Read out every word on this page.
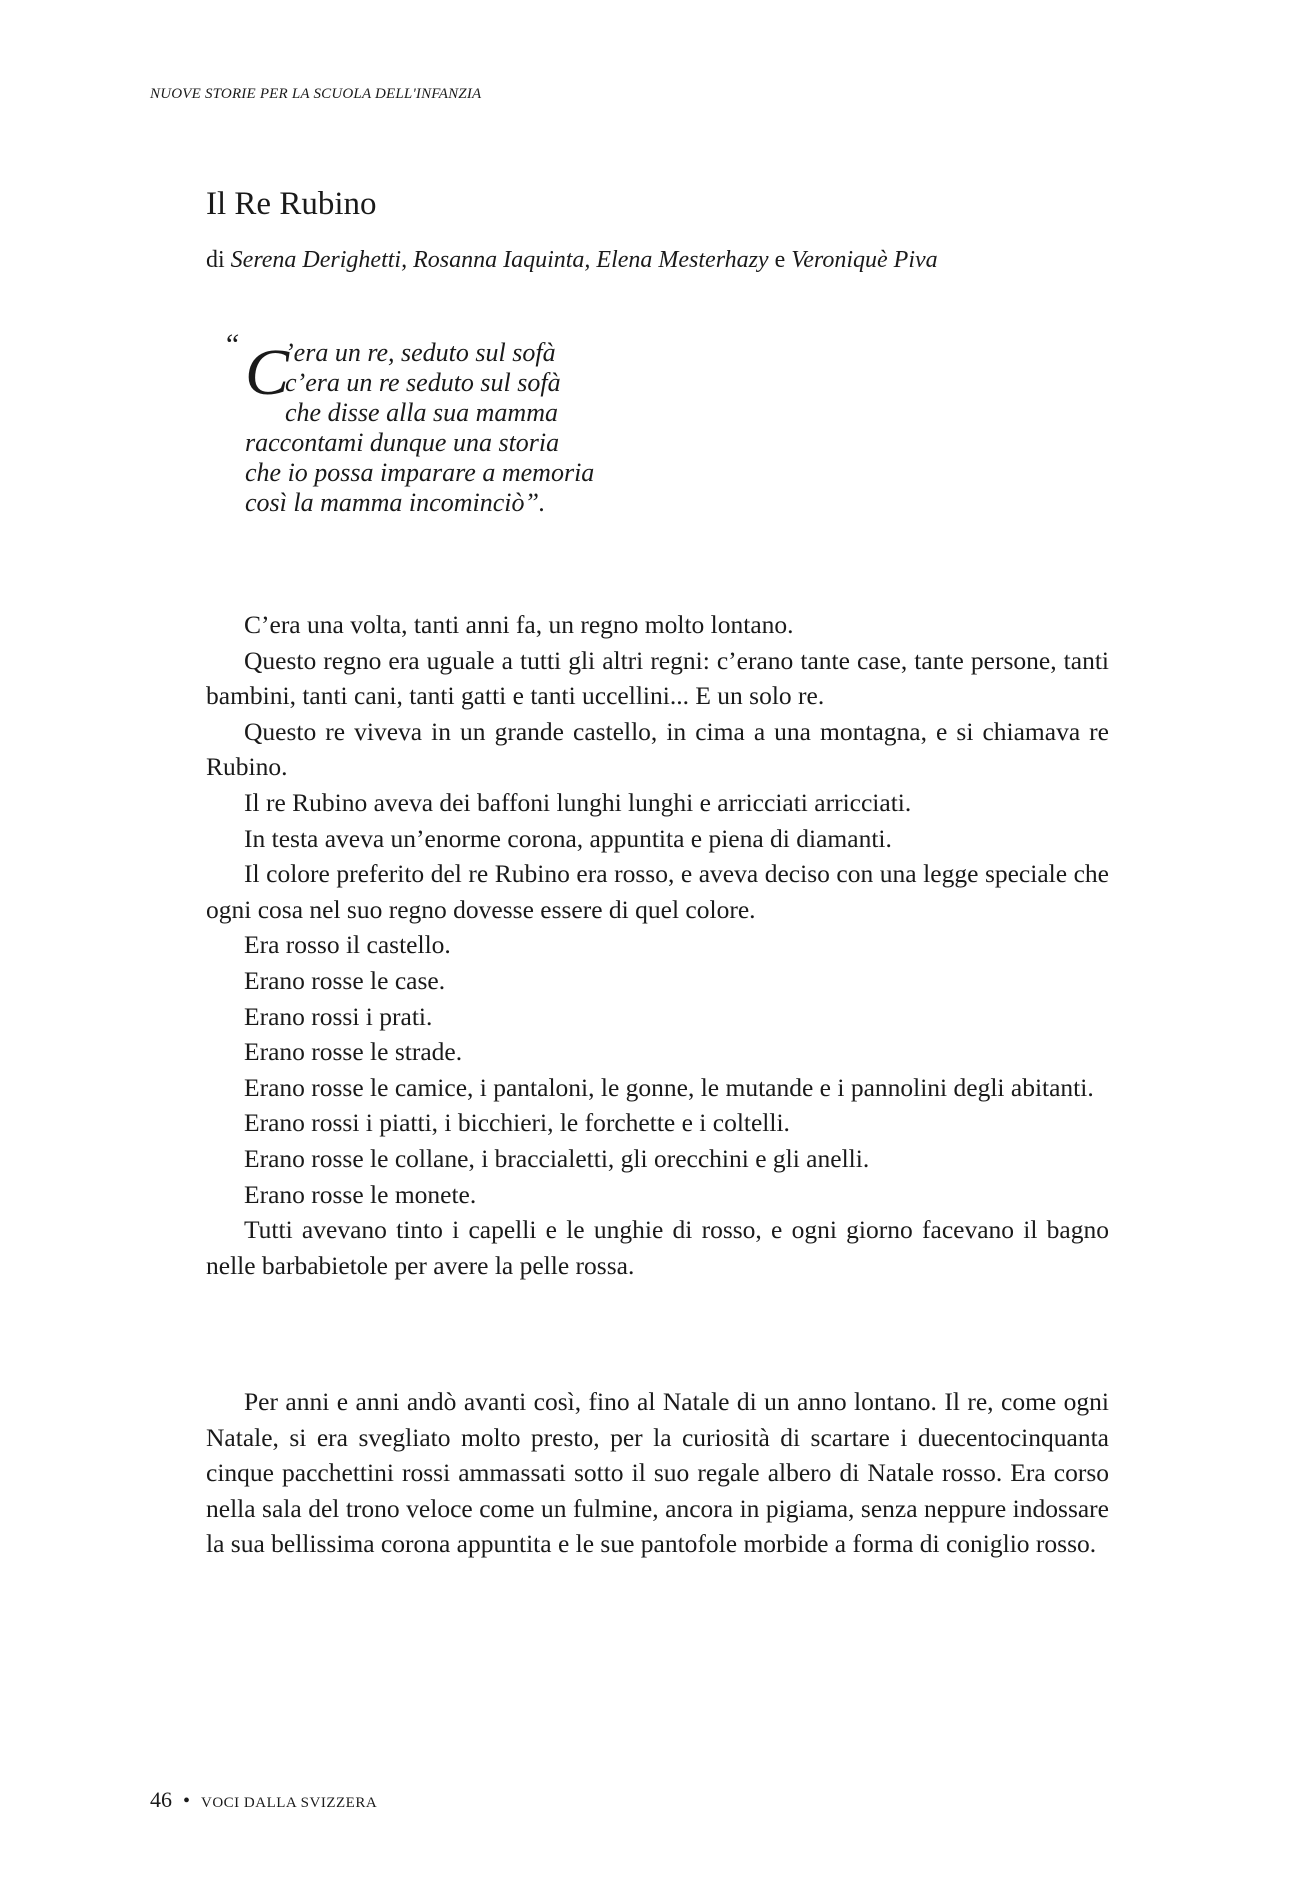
NUOVE STORIE PER LA SCUOLA DELL'INFANZIA
Il Re Rubino
di Serena Derighetti, Rosanna Iaquinta, Elena Mesterhazy e Veroniquè Piva
“ C
’era un re, seduto sul sofà
c’era un re seduto sul sofà
che disse alla sua mamma
raccontami dunque una storia
che io possa imparare a memoria
così la mamma incominciò”.

C’era una volta, tanti anni fa, un regno molto lontano.

Questo regno era uguale a tutti gli altri regni: c’erano tante case, tante persone, tanti bambini, tanti cani, tanti gatti e tanti uccellini... E un solo re.

Questo re viveva in un grande castello, in cima a una montagna, e si chiamava re Rubino.

Il re Rubino aveva dei baffoni lunghi lunghi e arricciati arricciati.

In testa aveva un’enorme corona, appuntita e piena di diamanti.

Il colore preferito del re Rubino era rosso, e aveva deciso con una legge speciale che ogni cosa nel suo regno dovesse essere di quel colore.

Era rosso il castello.

Erano rosse le case.

Erano rossi i prati.

Erano rosse le strade.

Erano rosse le camice, i pantaloni, le gonne, le mutande e i pannolini degli abitanti.

Erano rossi i piatti, i bicchieri, le forchette e i coltelli.

Erano rosse le collane, i braccialetti, gli orecchini e gli anelli.

Erano rosse le monete.

Tutti avevano tinto i capelli e le unghie di rosso, e ogni giorno facevano il bagno nelle barbabietole per avere la pelle rossa.

Per anni e anni andò avanti così, fino al Natale di un anno lontano. Il re, come ogni Natale, si era svegliato molto presto, per la curiosità di scartare i duecentocinquanta cinque pacchettini rossi ammassati sotto il suo regale albero di Natale rosso. Era corso nella sala del trono veloce come un fulmine, ancora in pigiama, senza neppure indossare la sua bellissima corona appuntita e le sue pantofole morbide a forma di coniglio rosso.

46 • VOCI DALLA SVIZZERA
